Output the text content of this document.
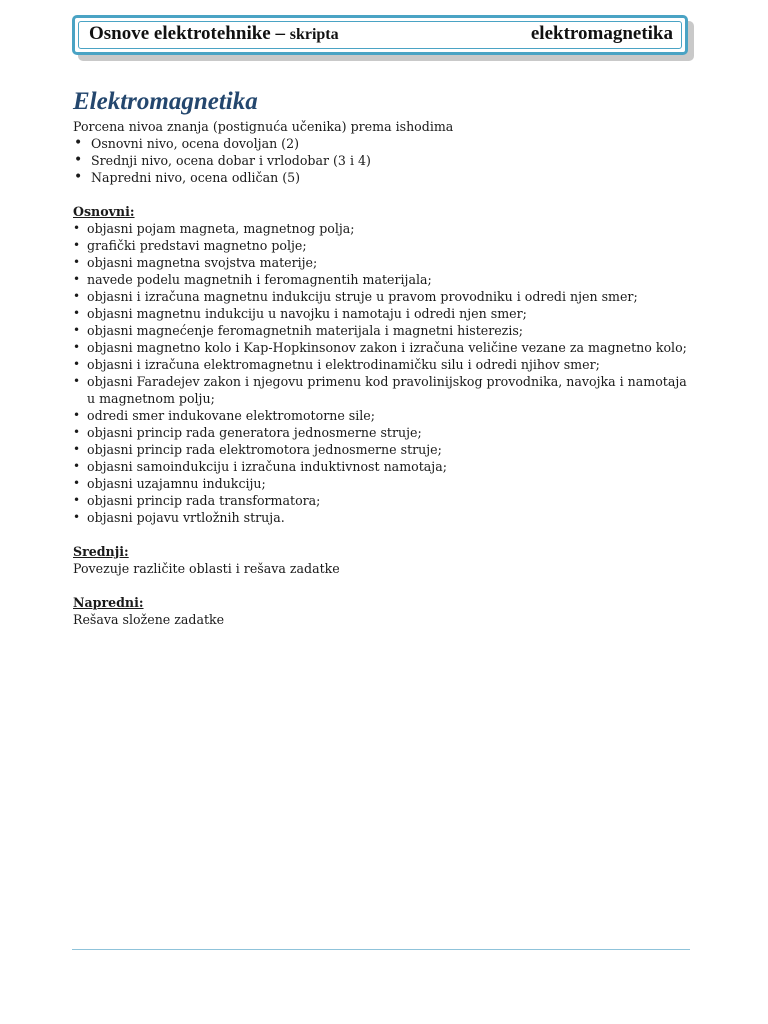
Osnove elektrotehnike – skripta	elektromagnetika
Elektromagnetika

Porcena nivoa znanja (postignuća učenika) prema ishodima

• Osnovni nivo, ocena dovoljan (2)
• Srednji nivo, ocena dobar i vrlodobar (3 i 4)
• Napredni nivo, ocena odličan (5)

Osnovni:

• objasni pojam magneta, magnetnog polja;
• grafički predstavi magnetno polje;
• objasni magnetna svojstva materije;
• navede podelu magnetnih i feromagnentih materijala;
• objasni i izračuna magnetnu indukciju struje u pravom provodniku i odredi njen smer;
• objasni magnetnu indukciju u navojku i namotaju i odredi njen smer;
• objasni magnećenje feromagnetnih materijala i magnetni histerezis;
• objasni magnetno kolo i Kap-Hopkinsonov zakon i izračuna veličine vezane za magnetno kolo;
• objasni i izračuna elektromagnetnu i elektrodinamičku silu i odredi njihov smer;
• objasni Faradejev zakon i njegovu primenu kod pravolinijskog provodnika, navojka i namotaja u magnetnom polju;
• odredi smer indukovane elektromotorne sile;
• objasni princip rada generatora jednosmerne struje;
• objasni princip rada elektromotora jednosmerne struje;
• objasni samoindukciju i izračuna induktivnost namotaja;
• objasni uzajamnu indukciju;
• objasni princip rada transformatora;
• objasni pojavu vrtložnih struja.

Srednji:

Povezuje različite oblasti i rešava zadatke

Napredni:

Rešava složene zadatke
